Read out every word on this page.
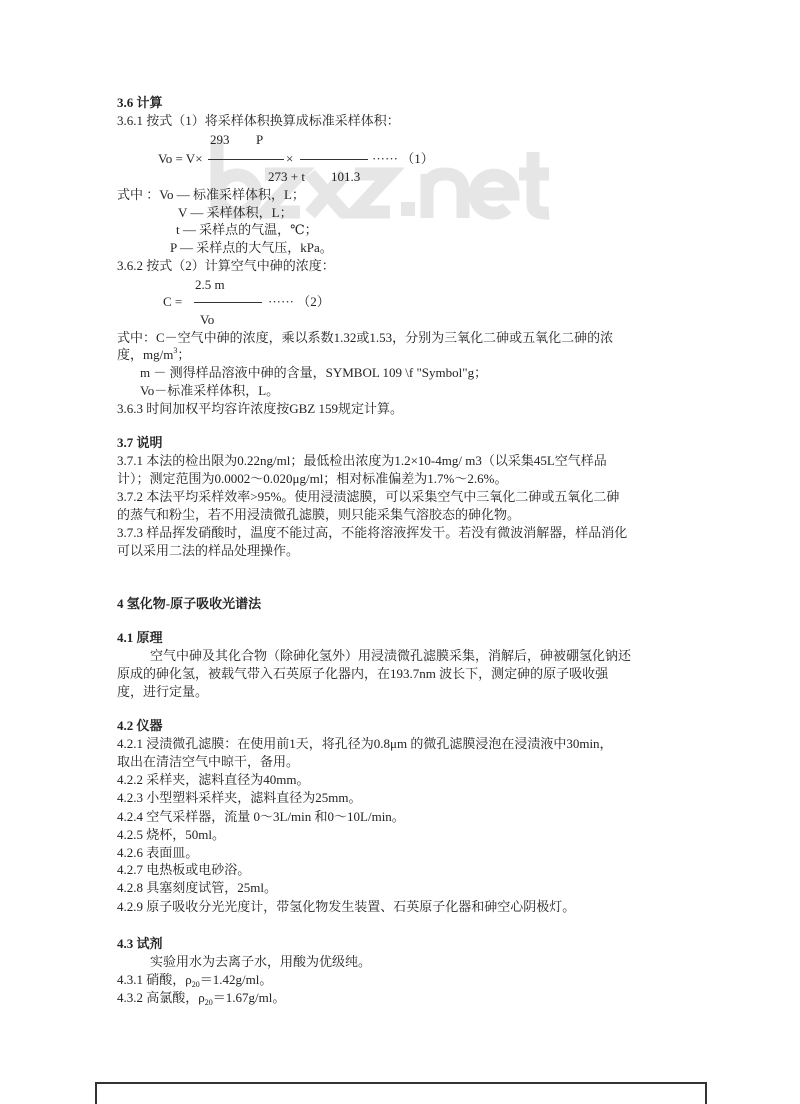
3.6 计算
3.6.1 按式（1）将采样体积换算成标准采样体积：
293 P
Vo = V×	×	······ （1）
273 + t 101.3
式中 ：Vo — 标准采样体积，L；
V — 采样体积，L；
t — 采样点的气温，℃；
P — 采样点的大气压，kPa。
3.6.2 按式（2）计算空气中砷的浓度：
2.5 m
C =	······ （2）
Vo
式中：C－空气中砷的浓度，乘以系数1.32或1.53，分别为三氧化二砷或五氧化二砷的浓
度，$mg/m^3$；
m － 测得样品溶液中砷的含量，SYMBOL 109 \f "Symbol"g；
Vo－标准采样体积，L。
3.6.3 时间加权平均容许浓度按GBZ 159规定计算。
3.7 说明
3.7.1 本法的检出限为0.22ng/ml；最低检出浓度为1.2×10-4mg/ m3（以采集45L空气样品
计）；测定范围为0.0002～0.020μg/ml；相对标准偏差为1.7%～2.6%。
3.7.2 本法平均采样效率>95%。使用浸渍滤膜，可以采集空气中三氧化二砷或五氧化二砷
的蒸气和粉尘，若不用浸渍微孔滤膜，则只能采集气溶胶态的砷化物。
3.7.3 样品挥发硝酸时，温度不能过高，不能将溶液挥发干。若没有微波消解器，样品消化
可以采用二法的样品处理操作。
4 氢化物-原子吸收光谱法
4.1 原理
空气中砷及其化合物（除砷化氢外）用浸渍微孔滤膜采集，消解后，砷被硼氢化钠还
原成的砷化氢，被载气带入石英原子化器内，在193.7nm 波长下，测定砷的原子吸收强
度，进行定量。
4.2 仪器
4.2.1 浸渍微孔滤膜：在使用前1天，将孔径为0.8μm 的微孔滤膜浸泡在浸渍液中30min，
取出在清洁空气中晾干，备用。
4.2.2 采样夹，滤料直径为40mm。
4.2.3 小型塑料采样夹，滤料直径为25mm。
4.2.4 空气采样器，流量 0～3L/min 和0～10L/min。
4.2.5 烧杯，50ml。
4.2.6 表面皿。
4.2.7 电热板或电砂浴。
4.2.8 具塞刻度试管，25ml。
4.2.9 原子吸收分光光度计，带氢化物发生装置、石英原子化器和砷空心阴极灯。
4.3 试剂
实验用水为去离子水，用酸为优级纯。
4.3.1 硝酸，$\rho_{20}=1.42g/ml$。
4.3.2 高氯酸，$\rho_{20}=1.67g/ml$。
